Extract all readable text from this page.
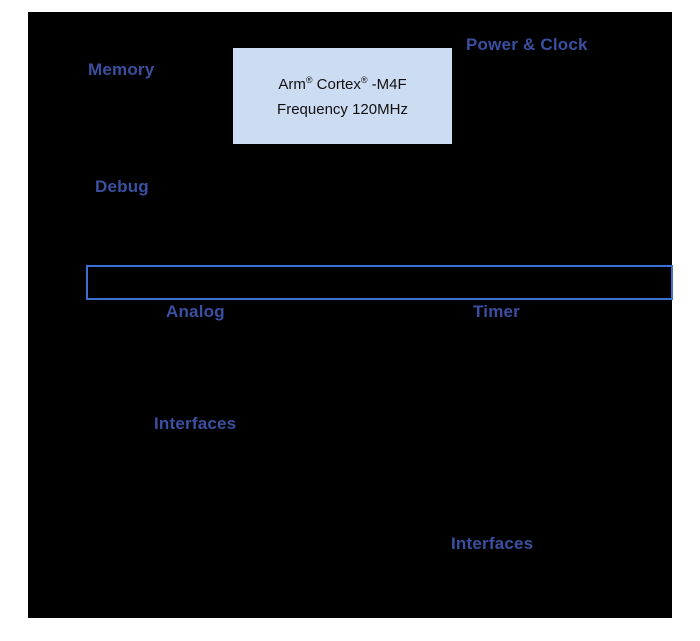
Arm® Cortex® -M4F
Frequency 120MHz
Memory
Power & Clock
Debug
Analog	Timer
Interfaces
Interfaces
